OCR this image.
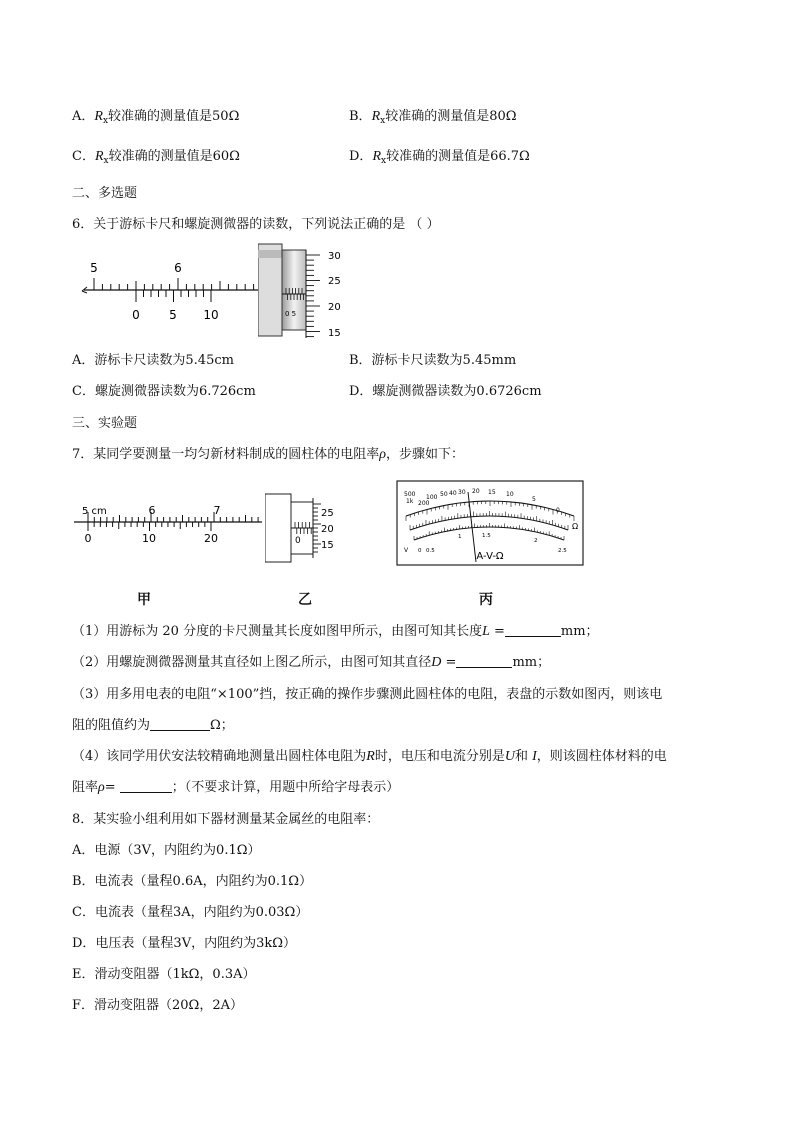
A．$R_x$较准确的测量值是50Ω	B．$R_x$较准确的测量值是80Ω
C．$R_x$较准确的测量值是60Ω	D．$R_x$较准确的测量值是66.7Ω
二、多选题
6．关于游标卡尺和螺旋测微器的读数，下列说法正确的是 （ ）
5	6
0 5 10	0 5
30
25
20
15
A．游标卡尺读数为5.45cm	B．游标卡尺读数为5.45mm
C．螺旋测微器读数为6.726cm	D．螺旋测微器读数为0.6726cm
三、实验题
7．某同学要测量一均匀新材料制成的圆柱体的电阻率ρ，步骤如下：
5 cm	6	7
0	10	20	0
25
20
15
500
1k 200
100 50 40 30 20 15 10
5
0
Ω
0 0.5
1	1.5
2
2.5
V
A-V-Ω
甲	乙	丙
（1）用游标为 20 分度的卡尺测量其长度如图甲所示，由图可知其长度L =	mm；
（2）用螺旋测微器测量其直径如上图乙所示，由图可知其直径D =	mm；
（3）用多用电表的电阻“×100”挡，按正确的操作步骤测此圆柱体的电阻，表盘的示数如图丙，则该电
阻的阻值约为	Ω；
（4）该同学用伏安法较精确地测量出圆柱体电阻为R时，电压和电流分别是U和 I，则该圆柱体材料的电
阻率ρ=	；（不要求计算，用题中所给字母表示）
8．某实验小组利用如下器材测量某金属丝的电阻率：
A．电源（3V，内阻约为0.1Ω）
B．电流表（量程0.6A，内阻约为0.1Ω）
C．电流表（量程3A，内阻约为0.03Ω）
D．电压表（量程3V，内阻约为3kΩ）
E．滑动变阻器（1kΩ，0.3A）
F．滑动变阻器（20Ω，2A）
